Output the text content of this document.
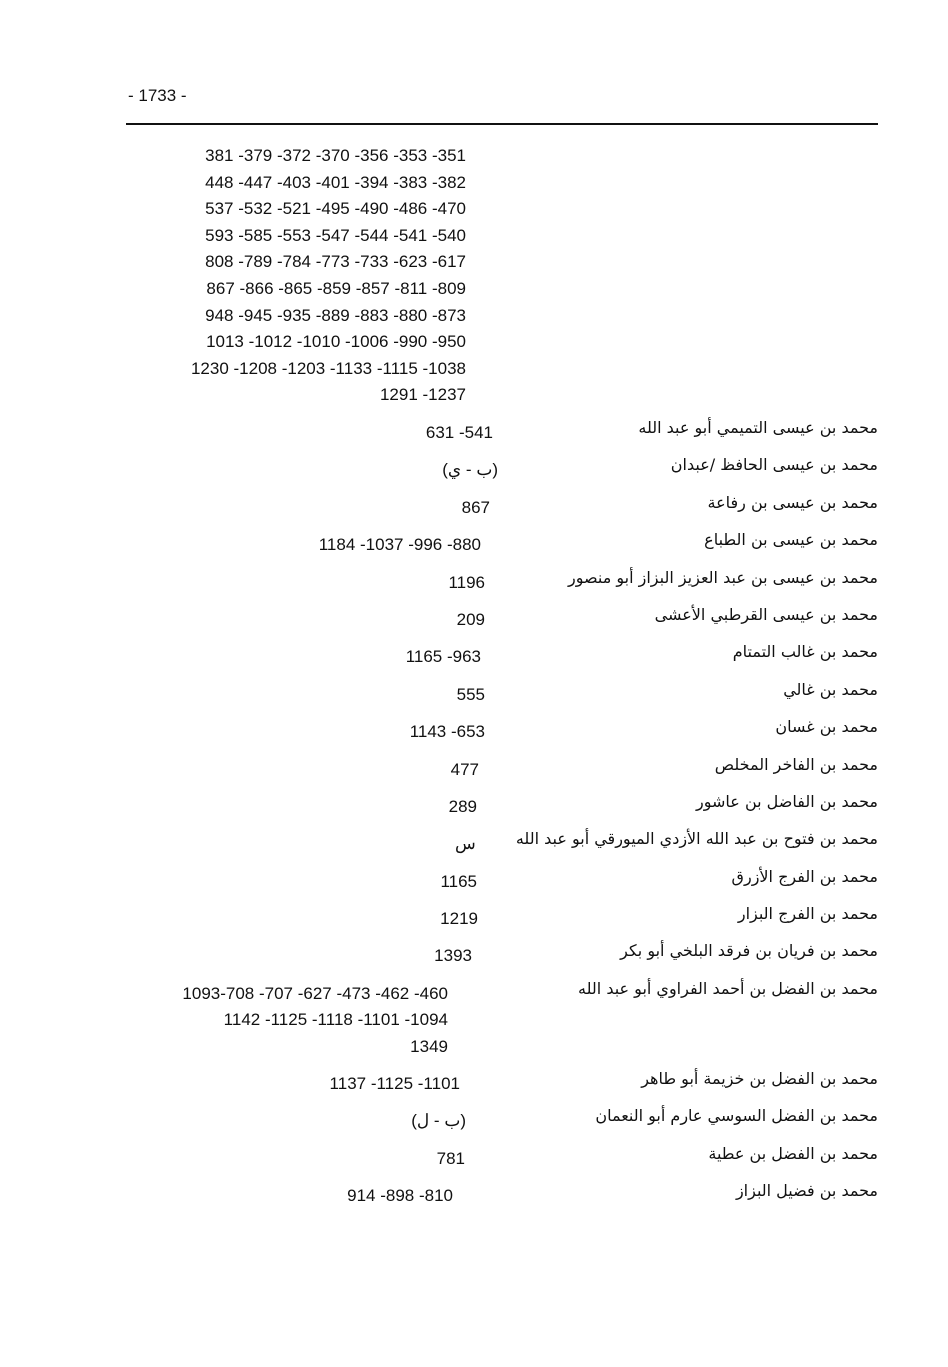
- 1733 -
381 -379 -372 -370 -356 -353 -351
448 -447 -403 -401 -394 -383 -382
537 -532 -521 -495 -490 -486 -470
593 -585 -553 -547 -544 -541 -540
808 -789 -784 -773 -733 -623 -617
867 -866 -865 -859 -857 -811 -809
948 -945 -935 -889 -883 -880 -873
1013 -1012 -1010 -1006 -990 -950
1230 -1208 -1203 -1133 -1115 -1038
1291 -1237
محمد بن عيسى التميمي أبو عبد الله
631 -541
محمد بن عيسى الحافظ /عبدان
(ب - ي)
محمد بن عيسى بن رفاعة
867
محمد بن عيسى بن الطباع
1184 -1037 -996 -880
محمد بن عيسى بن عبد العزيز البزاز أبو منصور
1196
محمد بن عيسى القرطبي الأعشى
209
محمد بن غالب التمتام
1165 -963
محمد بن غالي
555
محمد بن غسان
1143 -653
محمد بن الفاخر المخلص
477
محمد بن الفاضل بن عاشور
289
محمد بن فتوح بن عبد الله الأزدي الميورقي أبو عبد الله
س
محمد بن الفرج الأزرق
1165
محمد بن الفرج البزار
1219
محمد بن فريان بن فرقد البلخي أبو بكر
1393
محمد بن الفضل بن أحمد الفراوي أبو عبد الله
1093-708 -707 -627 -473 -462 -460
1142 -1125 -1118 -1101 -1094
1349
محمد بن الفضل بن خزيمة أبو طاهر
1137 -1125 -1101
محمد بن الفضل السوسي عارم أبو النعمان
(ب - ل)
محمد بن الفضل بن عطية
781
محمد بن فضيل البزاز
914 -898 -810
